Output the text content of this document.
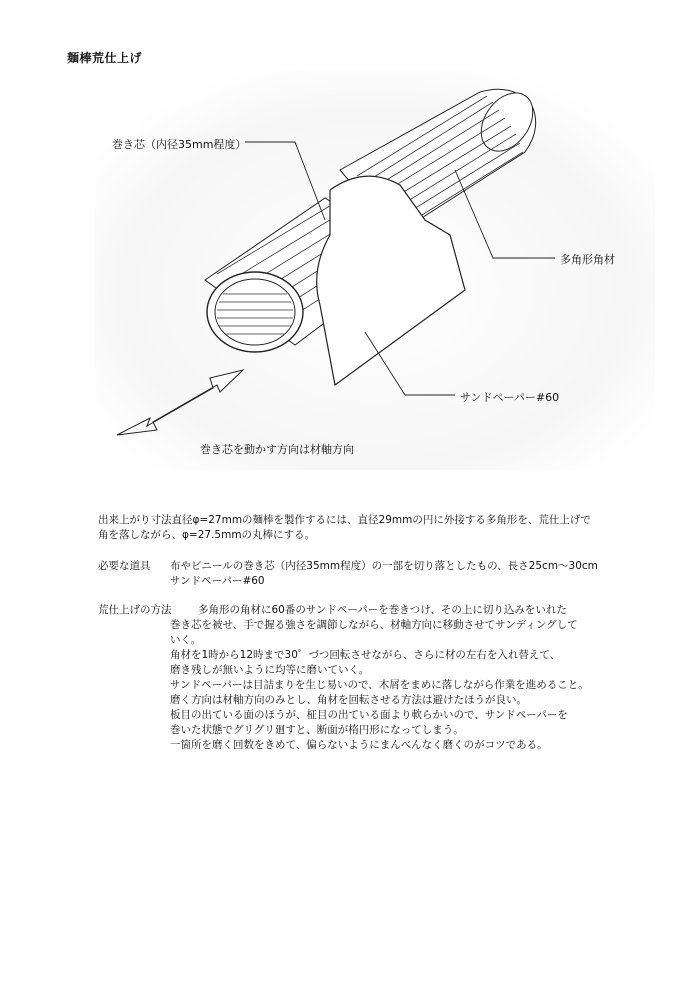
麺棒荒仕上げ
巻き芯（内径35mm程度）
多角形角材
サンドペーパー#60
巻き芯を動かす方向は材軸方向
出来上がり寸法直径φ=27mmの麺棒を製作するには、直径29mmの円に外接する多角形を、荒仕上げで
角を落しながら、φ=27.5mmの丸棒にする。
必要な道具	布やビニールの巻き芯（内径35mm程度）の一部を切り落としたもの、長さ25cm〜30cm
サンドペーパー#60
荒仕上げの方法	多角形の角材に60番のサンドペーパーを巻きつけ、その上に切り込みをいれた
巻き芯を被せ、手で握る強さを調節しながら、材軸方向に移動させてサンディングして
いく。
角材を1時から12時まで30゜づつ回転させながら、さらに材の左右を入れ替えて、
磨き残しが無いように均等に磨いていく。
サンドペーパーは目詰まりを生じ易いので、木屑をまめに落しながら作業を進めること。
磨く方向は材軸方向のみとし、角材を回転させる方法は避けたほうが良い。
板目の出ている面のほうが、柾目の出ている面より軟らかいので、サンドペーパーを
巻いた状態でグリグリ廻すと、断面が楕円形になってしまう。
一箇所を磨く回数をきめて、偏らないようにまんべんなく磨くのがコツである。
